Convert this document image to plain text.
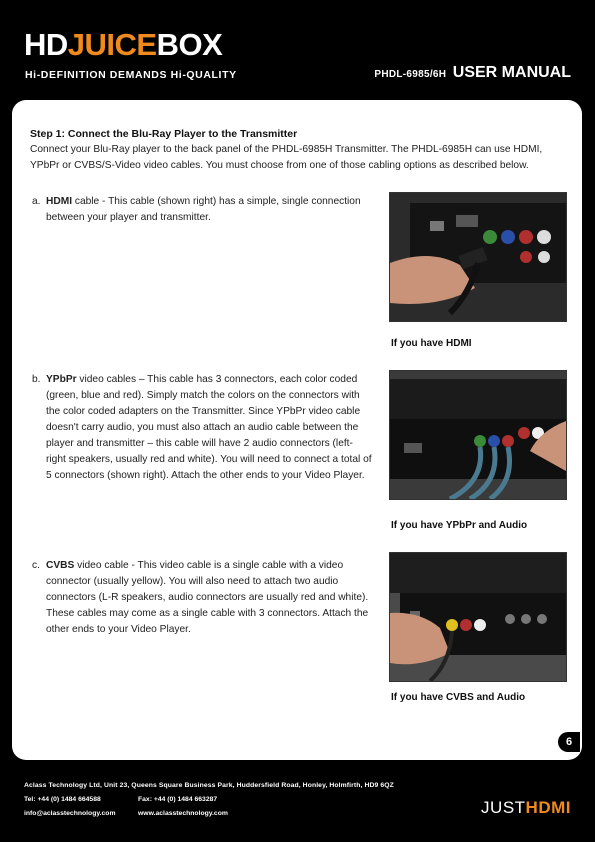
HDJUICEBOX
Hi-DEFINITION DEMANDS Hi-QUALITY	PHDL-6985/6H USER MANUAL
Step 1: Connect the Blu-Ray Player to the Transmitter
Connect your Blu-Ray player to the back panel of the PHDL-6985H Transmitter. The PHDL-6985H can use HDMI, YPbPr or CVBS/S-Video video cables. You must choose from one of those cabling options as described below.
a. HDMI cable - This cable (shown right) has a simple, single connection between your player and transmitter.
If you have HDMI
b. YPbPr video cables – This cable has 3 connectors, each color coded (green, blue and red). Simply match the colors on the connectors with the color coded adapters on the Transmitter. Since YPbPr video cable doesn't carry audio, you must also attach an audio cable between the player and transmitter – this cable will have 2 audio connectors (left-right speakers, usually red and white). You will need to connect a total of 5 connectors (shown right). Attach the other ends to your Video Player.
If you have YPbPr and Audio
c. CVBS video cable - This video cable is a single cable with a video connector (usually yellow). You will also need to attach two audio connectors (L-R speakers, audio connectors are usually red and white). These cables may come as a single cable with 3 connectors. Attach the other ends to your Video Player.
If you have CVBS and Audio
6
Aclass Technology Ltd, Unit 23, Queens Square Business Park, Huddersfield Road, Honley, Holmfirth, HD9 6QZ
Tel: +44 (0) 1484 664588	Fax: +44 (0) 1484 663287
info@aclasstechnology.com	www.aclasstechnology.com	JUSTHDMI
